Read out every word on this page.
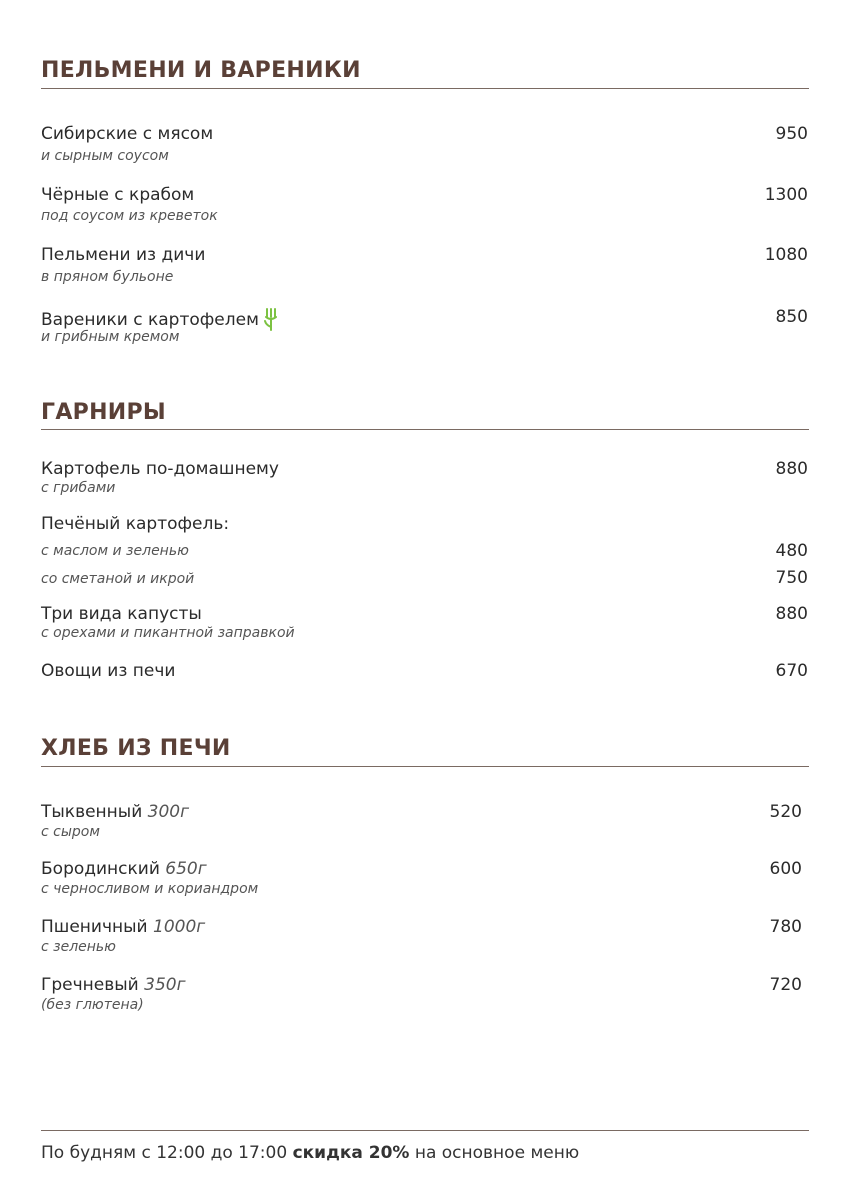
ПЕЛЬМЕНИ И ВАРЕНИКИ
Сибирские с мясом
и сырным соусом
950
Чёрные с крабом
под соусом из креветок
1300
Пельмени из дичи
в пряном бульоне
1080
Вареники с картофелем
и грибным кремом
850
ГАРНИРЫ
Картофель по-домашнему
с грибами
880
Печёный картофель:
с маслом и зеленью	480
со сметаной и икрой	750
Три вида капусты
с орехами и пикантной заправкой
880
Овощи из печи	670
ХЛЕБ ИЗ ПЕЧИ
Тыквенный 300г
с сыром
520
Бородинский 650г
с черносливом и кориандром
600
Пшеничный 1000г
с зеленью
780
Гречневый 350г
(без глютена)
720
По будням с 12:00 до 17:00 скидка 20% на основное меню
